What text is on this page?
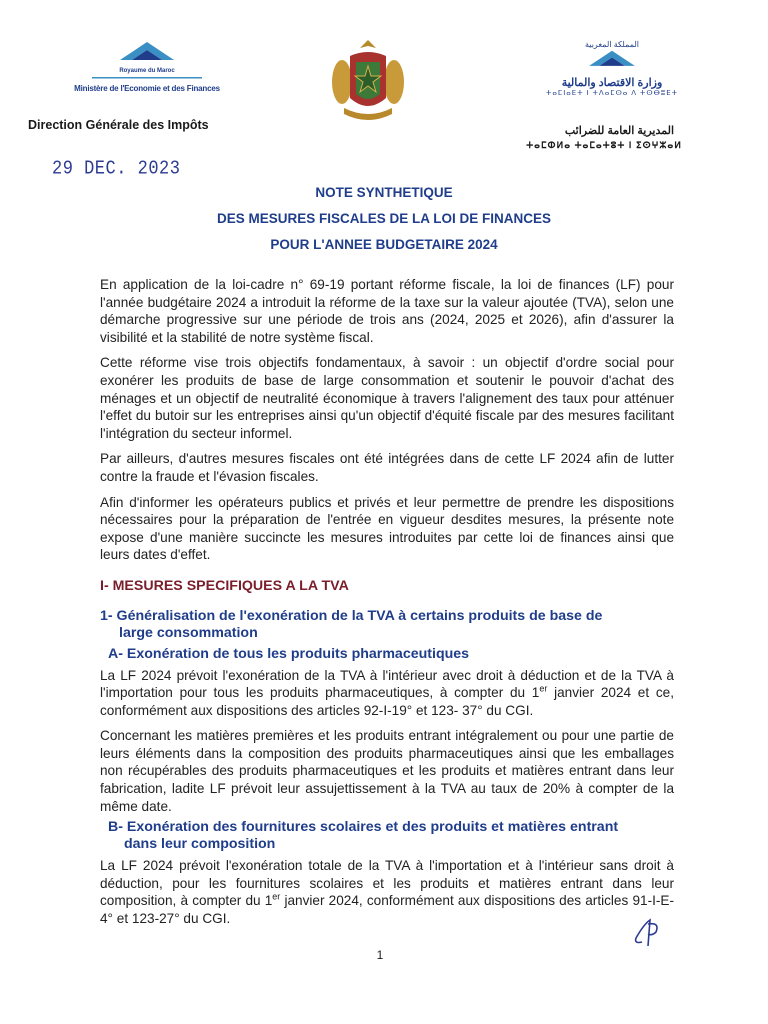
Royaume du Maroc
Ministère de l'Economie et des Finances
Direction Générale des Impôts
المملكة المغربية
وزارة الاقتصاد والمالية
ⵜⴰⵎⵏⴰⴹⵜ ⵏ ⵜⴷⴰⵎⵙⴰ ⴷ ⵜⵙⴱⵓⴹⵜ
المديرية العامة للضرائب
ⵜⴰⵎⵀⵍⴰ ⵜⴰⵎⴰⵜⵓⵜ ⵏ ⵉⵙⵖⵣⴰⵍ
29 DEC. 2023
NOTE SYNTHETIQUE
DES MESURES FISCALES DE LA LOI DE FINANCES
POUR L'ANNEE BUDGETAIRE 2024

En application de la loi-cadre n° 69-19 portant réforme fiscale, la loi de finances (LF) pour l'année budgétaire 2024 a introduit la réforme de la taxe sur la valeur ajoutée (TVA), selon une démarche progressive sur une période de trois ans (2024, 2025 et 2026), afin d'assurer la visibilité et la stabilité de notre système fiscal.

Cette réforme vise trois objectifs fondamentaux, à savoir : un objectif d'ordre social pour exonérer les produits de base de large consommation et soutenir le pouvoir d'achat des ménages et un objectif de neutralité économique à travers l'alignement des taux pour atténuer l'effet du butoir sur les entreprises ainsi qu'un objectif d'équité fiscale par des mesures facilitant l'intégration du secteur informel.

Par ailleurs, d'autres mesures fiscales ont été intégrées dans de cette LF 2024 afin de lutter contre la fraude et l'évasion fiscales.

Afin d'informer les opérateurs publics et privés et leur permettre de prendre les dispositions nécessaires pour la préparation de l'entrée en vigueur desdites mesures, la présente note expose d'une manière succincte les mesures introduites par cette loi de finances ainsi que leurs dates d'effet.

I- MESURES SPECIFIQUES A LA TVA
1- Généralisation de l'exonération de la TVA à certains produits de base de
large consommation
A- Exonération de tous les produits pharmaceutiques

La LF 2024 prévoit l'exonération de la TVA à l'intérieur avec droit à déduction et de la TVA à l'importation pour tous les produits pharmaceutiques, à compter du 1er janvier 2024 et ce, conformément aux dispositions des articles 92-I-19° et 123- 37° du CGI.

Concernant les matières premières et les produits entrant intégralement ou pour une partie de leurs éléments dans la composition des produits pharmaceutiques ainsi que les emballages non récupérables des produits pharmaceutiques et les produits et matières entrant dans leur fabrication, ladite LF prévoit leur assujettissement à la TVA au taux de 20% à compter de la même date.

B- Exonération des fournitures scolaires et des produits et matières entrant
dans leur composition

La LF 2024 prévoit l'exonération totale de la TVA à l'importation et à l'intérieur sans droit à déduction, pour les fournitures scolaires et les produits et matières entrant dans leur composition, à compter du 1er janvier 2024, conformément aux dispositions des articles 91-I-E-4° et 123-27° du CGI.

1
